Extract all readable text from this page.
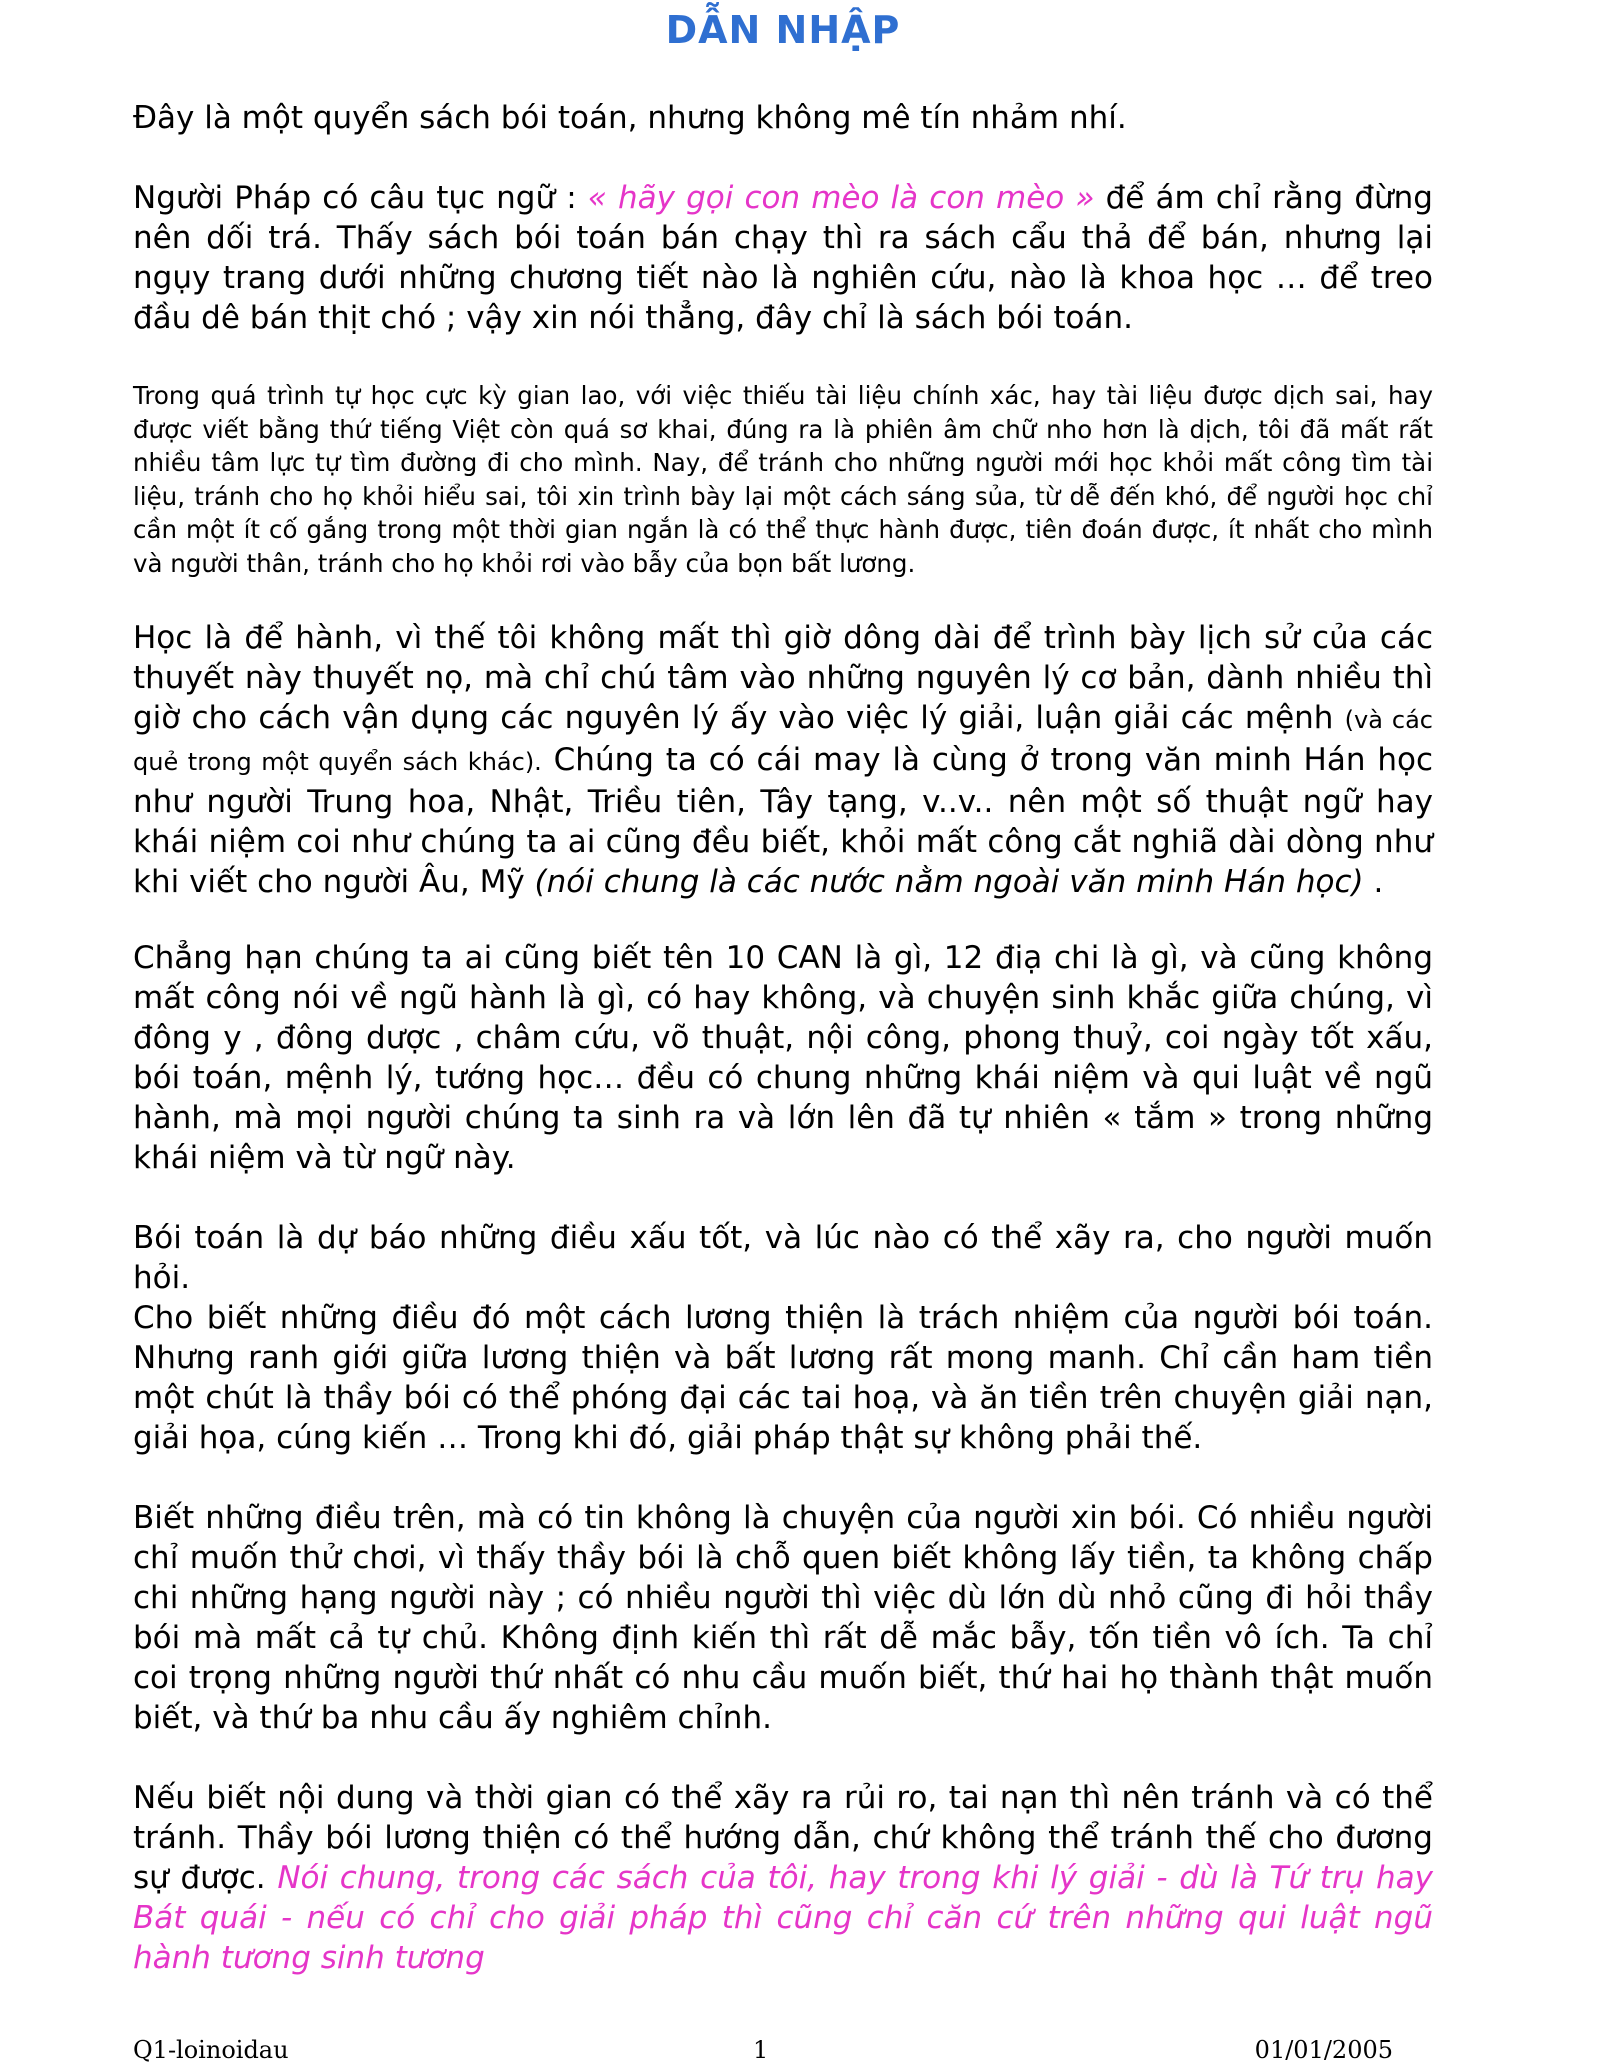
DẪN NHẬP

Đây là một quyển sách bói toán, nhưng không mê tín nhảm nhí.

Người Pháp có câu tục ngữ : « hãy gọi con mèo là con mèo » để ám chỉ rằng đừng nên dối trá. Thấy sách bói toán bán chạy thì ra sách cẩu thả để bán, nhưng lại ngụy trang dưới những chương tiết nào là nghiên cứu, nào là khoa học … để treo đầu dê bán thịt chó ; vậy xin nói thẳng, đây chỉ là sách bói toán.

Trong quá trình tự học cực kỳ gian lao, với việc thiếu tài liệu chính xác, hay tài liệu được dịch sai, hay được viết bằng thứ tiếng Việt còn quá sơ khai, đúng ra là phiên âm chữ nho hơn là dịch, tôi đã mất rất nhiều tâm lực tự tìm đường đi cho mình. Nay, để tránh cho những người mới học khỏi mất công tìm tài liệu, tránh cho họ khỏi hiểu sai, tôi xin trình bày lại một cách sáng sủa, từ dễ đến khó, để người học chỉ cần một ít cố gắng trong một thời gian ngắn là có thể thực hành được, tiên đoán được, ít nhất cho mình và người thân, tránh cho họ khỏi rơi vào bẫy của bọn bất lương.

Học là để hành, vì thế tôi không mất thì giờ dông dài để trình bày lịch sử của các thuyết này thuyết nọ, mà chỉ chú tâm vào những nguyên lý cơ bản, dành nhiều thì giờ cho cách vận dụng các nguyên lý ấy vào việc lý giải, luận giải các mệnh (và các quẻ trong một quyển sách khác). Chúng ta có cái may là cùng ở trong văn minh Hán học như người Trung hoa, Nhật, Triều tiên, Tây tạng, v..v.. nên một số thuật ngữ hay khái niệm coi như chúng ta ai cũng đều biết, khỏi mất công cắt nghiã dài dòng như khi viết cho người Âu, Mỹ (nói chung là các nước nằm ngoài văn minh Hán học) .

Chẳng hạn chúng ta ai cũng biết tên 10 CAN là gì, 12 điạ chi là gì, và cũng không mất công nói về ngũ hành là gì, có hay không, và chuyện sinh khắc giữa chúng, vì đông y , đông dược , châm cứu, võ thuật, nội công, phong thuỷ, coi ngày tốt xấu, bói toán, mệnh lý, tướng học… đều có chung những khái niệm và qui luật về ngũ hành, mà mọi người chúng ta sinh ra và lớn lên đã tự nhiên « tắm » trong những khái niệm và từ ngữ này.

Bói toán là dự báo những điều xấu tốt, và lúc nào có thể xãy ra, cho người muốn hỏi.

Cho biết những điều đó một cách lương thiện là trách nhiệm của người bói toán. Nhưng ranh giới giữa lương thiện và bất lương rất mong manh. Chỉ cần ham tiền một chút là thầy bói có thể phóng đại các tai hoạ, và ăn tiền trên chuyện giải nạn, giải họa, cúng kiến … Trong khi đó, giải pháp thật sự không phải thế.

Biết những điều trên, mà có tin không là chuyện của người xin bói. Có nhiều người chỉ muốn thử chơi, vì thấy thầy bói là chỗ quen biết không lấy tiền, ta không chấp chi những hạng người này ; có nhiều người thì việc dù lớn dù nhỏ cũng đi hỏi thầy bói mà mất cả tự chủ. Không định kiến thì rất dễ mắc bẫy, tốn tiền vô ích. Ta chỉ coi trọng những người thứ nhất có nhu cầu muốn biết, thứ hai họ thành thật muốn biết, và thứ ba nhu cầu ấy nghiêm chỉnh.

Nếu biết nội dung và thời gian có thể xãy ra rủi ro, tai nạn thì nên tránh và có thể tránh. Thầy bói lương thiện có thể hướng dẫn, chứ không thể tránh thế cho đương sự được. Nói chung, trong các sách của tôi, hay trong khi lý giải - dù là Tứ trụ hay Bát quái - nếu có chỉ cho giải pháp thì cũng chỉ căn cứ trên những qui luật ngũ hành tương sinh tương

Q1-loinoidau	1	01/01/2005
